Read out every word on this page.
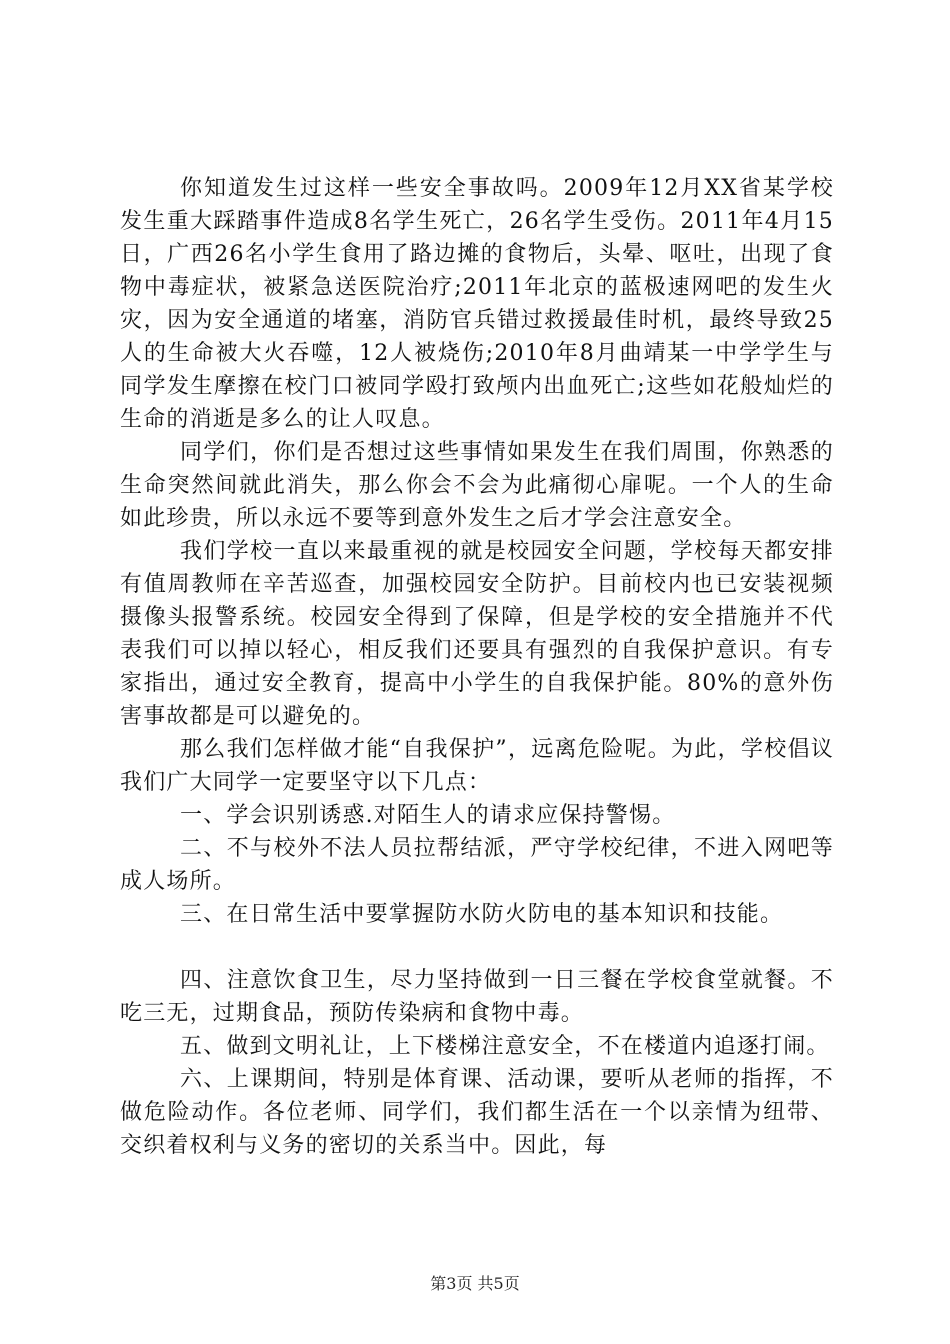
你知道发生过这样一些安全事故吗。2009年12月XX省某学校发生重大踩踏事件造成8名学生死亡，26名学生受伤。2011年4月15日，广西26名小学生食用了路边摊的食物后，头晕、呕吐，出现了食物中毒症状，被紧急送医院治疗;2011年北京的蓝极速网吧的发生火灾，因为安全通道的堵塞，消防官兵错过救援最佳时机，最终导致25人的生命被大火吞噬，12人被烧伤;2010年8月曲靖某一中学学生与同学发生摩擦在校门口被同学殴打致颅内出血死亡;这些如花般灿烂的生命的消逝是多么的让人叹息。

同学们，你们是否想过这些事情如果发生在我们周围，你熟悉的生命突然间就此消失，那么你会不会为此痛彻心扉呢。一个人的生命如此珍贵，所以永远不要等到意外发生之后才学会注意安全。

我们学校一直以来最重视的就是校园安全问题，学校每天都安排有值周教师在辛苦巡查，加强校园安全防护。目前校内也已安装视频摄像头报警系统。校园安全得到了保障，但是学校的安全措施并不代表我们可以掉以轻心，相反我们还要具有强烈的自我保护意识。有专家指出，通过安全教育，提高中小学生的自我保护能。80%的意外伤害事故都是可以避免的。

那么我们怎样做才能“自我保护”，远离危险呢。为此，学校倡议我们广大同学一定要坚守以下几点：

一、学会识别诱惑.对陌生人的请求应保持警惕。

二、不与校外不法人员拉帮结派，严守学校纪律，不进入网吧等成人场所。

三、在日常生活中要掌握防水防火防电的基本知识和技能。

四、注意饮食卫生，尽力坚持做到一日三餐在学校食堂就餐。不吃三无，过期食品，预防传染病和食物中毒。

五、做到文明礼让，上下楼梯注意安全，不在楼道内追逐打闹。

六、上课期间，特别是体育课、活动课，要听从老师的指挥，不做危险动作。各位老师、同学们，我们都生活在一个以亲情为纽带、交织着权利与义务的密切的关系当中。因此，每

第3页 共5页
